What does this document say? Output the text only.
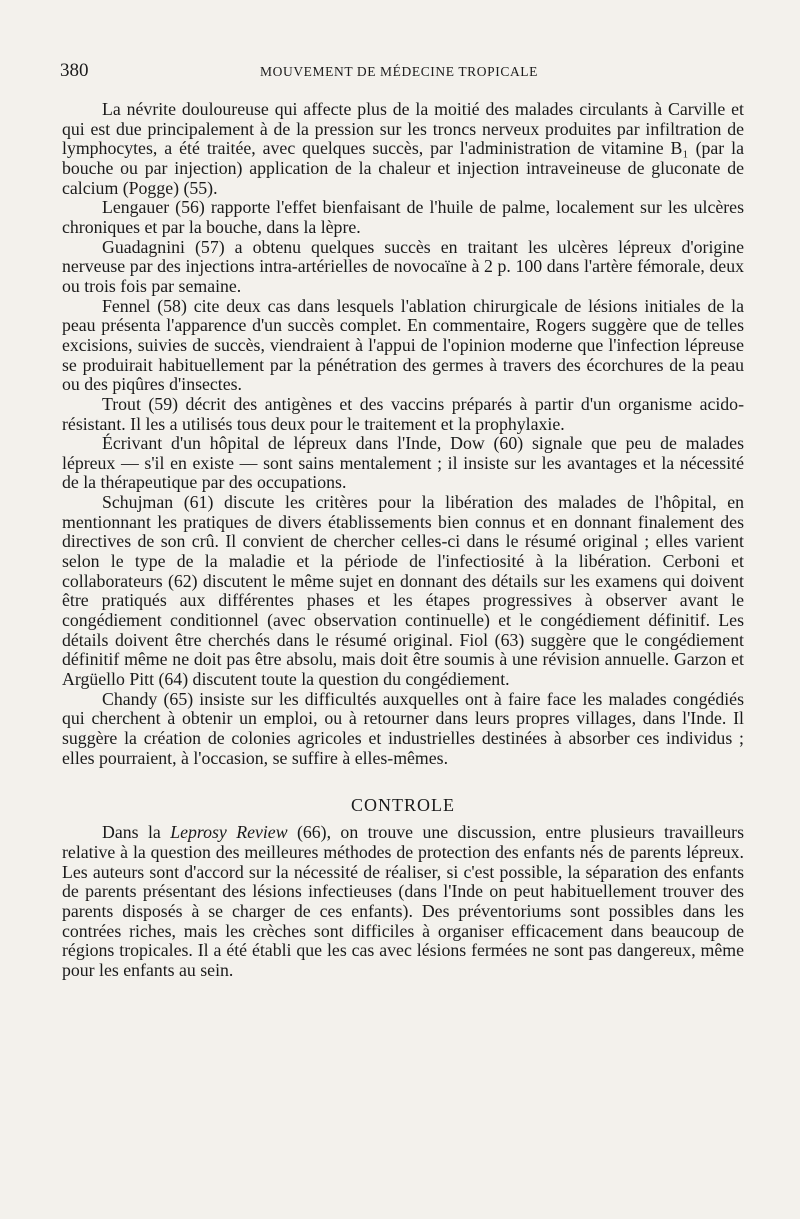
380	MOUVEMENT DE MÉDECINE TROPICALE

La névrite douloureuse qui affecte plus de la moitié des malades circulants à Carville et qui est due principalement à de la pression sur les troncs nerveux produites par infiltration de lymphocytes, a été traitée, avec quelques succès, par l'administration de vitamine B₁ (par la bouche ou par injection) application de la chaleur et injection intraveineuse de gluconate de calcium (Pogge) (55).

Lengauer (56) rapporte l'effet bienfaisant de l'huile de palme, localement sur les ulcères chroniques et par la bouche, dans la lèpre.

Guadagnini (57) a obtenu quelques succès en traitant les ulcères lépreux d'origine nerveuse par des injections intra-artérielles de novocaïne à 2 p. 100 dans l'artère fémorale, deux ou trois fois par semaine.

Fennel (58) cite deux cas dans lesquels l'ablation chirurgicale de lésions initiales de la peau présenta l'apparence d'un succès complet. En commentaire, Rogers suggère que de telles excisions, suivies de succès, viendraient à l'appui de l'opinion moderne que l'infection lépreuse se produirait habituellement par la pénétration des germes à travers des écorchures de la peau ou des piqûres d'insectes.

Trout (59) décrit des antigènes et des vaccins préparés à partir d'un organisme acido-résistant. Il les a utilisés tous deux pour le traitement et la prophylaxie.

Écrivant d'un hôpital de lépreux dans l'Inde, Dow (60) signale que peu de malades lépreux — s'il en existe — sont sains mentalement ; il insiste sur les avantages et la nécessité de la thérapeutique par des occupations.

Schujman (61) discute les critères pour la libération des malades de l'hôpital, en mentionnant les pratiques de divers établissements bien connus et en donnant finalement des directives de son crû. Il convient de chercher celles-ci dans le résumé original ; elles varient selon le type de la maladie et la période de l'infectiosité à la libération. Cerboni et collaborateurs (62) discutent le même sujet en donnant des détails sur les examens qui doivent être pratiqués aux différentes phases et les étapes progressives à observer avant le congédiement conditionnel (avec observation continuelle) et le congédiement définitif. Les détails doivent être cherchés dans le résumé original. Fiol (63) suggère que le congédiement définitif même ne doit pas être absolu, mais doit être soumis à une révision annuelle. Garzon et Argüello Pitt (64) discutent toute la question du congédiement.

Chandy (65) insiste sur les difficultés auxquelles ont à faire face les malades congédiés qui cherchent à obtenir un emploi, ou à retourner dans leurs propres villages, dans l'Inde. Il suggère la création de colonies agricoles et industrielles destinées à absorber ces individus ; elles pourraient, à l'occasion, se suffire à elles-mêmes.

CONTROLE

Dans la Leprosy Review (66), on trouve une discussion, entre plusieurs travailleurs relative à la question des meilleures méthodes de protection des enfants nés de parents lépreux. Les auteurs sont d'accord sur la nécessité de réaliser, si c'est possible, la séparation des enfants de parents présentant des lésions infectieuses (dans l'Inde on peut habituellement trouver des parents disposés à se charger de ces enfants). Des préventoriums sont possibles dans les contrées riches, mais les crèches sont difficiles à organiser efficacement dans beaucoup de régions tropicales. Il a été établi que les cas avec lésions fermées ne sont pas dangereux, même pour les enfants au sein.
